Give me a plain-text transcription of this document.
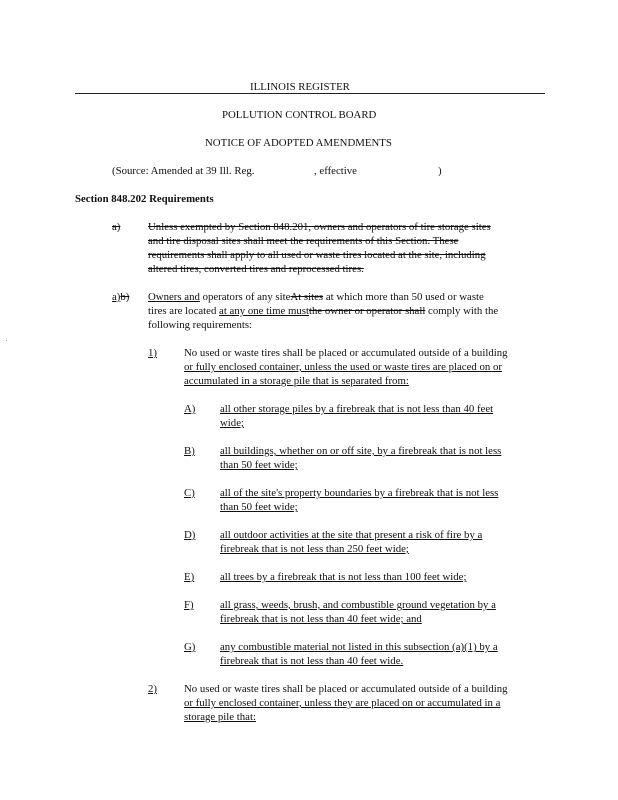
ILLINOIS REGISTER
POLLUTION CONTROL BOARD
NOTICE OF ADOPTED AMENDMENTS
(Source: Amended at 39 Ill. Reg.	, effective	)
Section 848.202 Requirements
a)	Unless exempted by Section 848.201, owners and operators of tire storage sites
and tire disposal sites shall meet the requirements of this Section. These
requirements shall apply to all used or waste tires located at the site, including
altered tires, converted tires and reprocessed tires.
a)b) Owners and operators of any siteAt sites at which more than 50 used or waste
tires are located at any one time mustthe owner or operator shall comply with the
following requirements:
1)	No used or waste tires shall be placed or accumulated outside of a building
or fully enclosed container, unless the used or waste tires are placed on or
accumulated in a storage pile that is separated from:
A) all other storage piles by a firebreak that is not less than 40 feet
wide;
B) all buildings, whether on or off site, by a firebreak that is not less
than 50 feet wide;
C) all of the site's property boundaries by a firebreak that is not less
than 50 feet wide;
D) all outdoor activities at the site that present a risk of fire by a
firebreak that is not less than 250 feet wide;
E) all trees by a firebreak that is not less than 100 feet wide;
F) all grass, weeds, brush, and combustible ground vegetation by a
firebreak that is not less than 40 feet wide; and
G) any combustible material not listed in this subsection (a)(1) by a
firebreak that is not less than 40 feet wide.
2)	No used or waste tires shall be placed or accumulated outside of a building
or fully enclosed container, unless they are placed on or accumulated in a
storage pile that:
